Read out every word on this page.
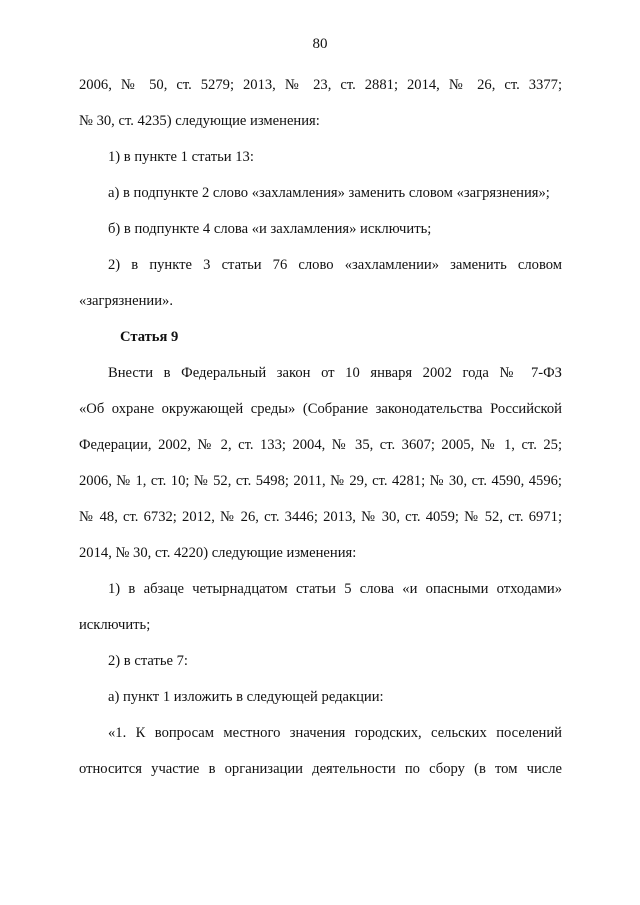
80
2006, № 50, ст. 5279; 2013, № 23, ст. 2881; 2014, № 26, ст. 3377;
№ 30, ст. 4235) следующие изменения:
1) в пункте 1 статьи 13:
а) в подпункте 2 слово «захламления» заменить словом «загрязнения»;
б) в подпункте 4 слова «и захламления» исключить;
2) в пункте 3 статьи 76 слово «захламлении» заменить словом
«загрязнении».
Статья 9
Внести в Федеральный закон от 10 января 2002 года № 7-ФЗ
«Об охране окружающей среды» (Собрание законодательства Российской
Федерации, 2002, № 2, ст. 133; 2004, № 35, ст. 3607; 2005, № 1, ст. 25;
2006, № 1, ст. 10; № 52, ст. 5498; 2011, № 29, ст. 4281; № 30, ст. 4590, 4596;
№ 48, ст. 6732; 2012, № 26, ст. 3446; 2013, № 30, ст. 4059; № 52, ст. 6971;
2014, № 30, ст. 4220) следующие изменения:
1) в абзаце четырнадцатом статьи 5 слова «и опасными отходами»
исключить;
2) в статье 7:
а) пункт 1 изложить в следующей редакции:
«1. К вопросам местного значения городских, сельских поселений
относится участие в организации деятельности по сбору (в том числе
